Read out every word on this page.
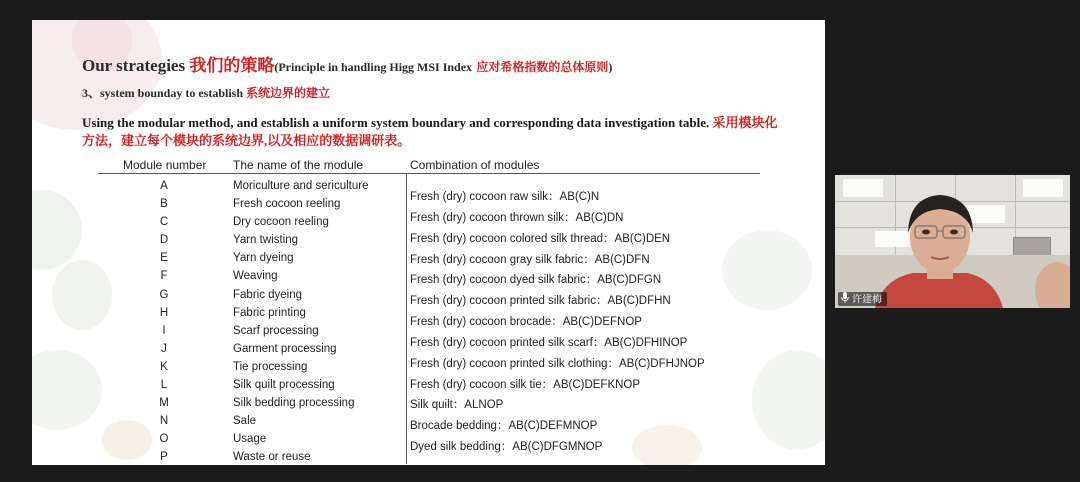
Our strategies 我们的策略(Principle in handling Higg MSI Index 应对希格指数的总体原则)
3、system bounday to establish 系统边界的建立
Using the modular method, and establish a uniform system boundary and corresponding data investigation table. 采用模块化方法，建立每个模块的系统边界,以及相应的数据调研表。
Module number The name of the module	Combination of modules
A
B
C
D
E
F
G
H
I
J
K
L
M
N
O
P
Moriculture and sericulture
Fresh cocoon reeling
Dry cocoon reeling
Yarn twisting
Yarn dyeing
Weaving
Fabric dyeing
Fabric printing
Scarf processing
Garment processing
Tie processing
Silk quilt processing
Silk bedding processing
Sale
Usage
Waste or reuse
Fresh (dry) cocoon raw silk：AB(C)N
Fresh (dry) cocoon thrown silk：AB(C)DN
Fresh (dry) cocoon colored silk thread：AB(C)DEN
Fresh (dry) cocoon gray silk fabric：AB(C)DFN
Fresh (dry) cocoon dyed silk fabric：AB(C)DFGN
Fresh (dry) cocoon printed silk fabric：AB(C)DFHN
Fresh (dry) cocoon brocade：AB(C)DEFNOP
Fresh (dry) cocoon printed silk scarf：AB(C)DFHINOP
Fresh (dry) cocoon printed silk clothing：AB(C)DFHJNOP
Fresh (dry) cocoon silk tie：AB(C)DEFKNOP
Silk quilt：ALNOP
Brocade bedding：AB(C)DEFMNOP
Dyed silk bedding：AB(C)DFGMNOP
许建梅
